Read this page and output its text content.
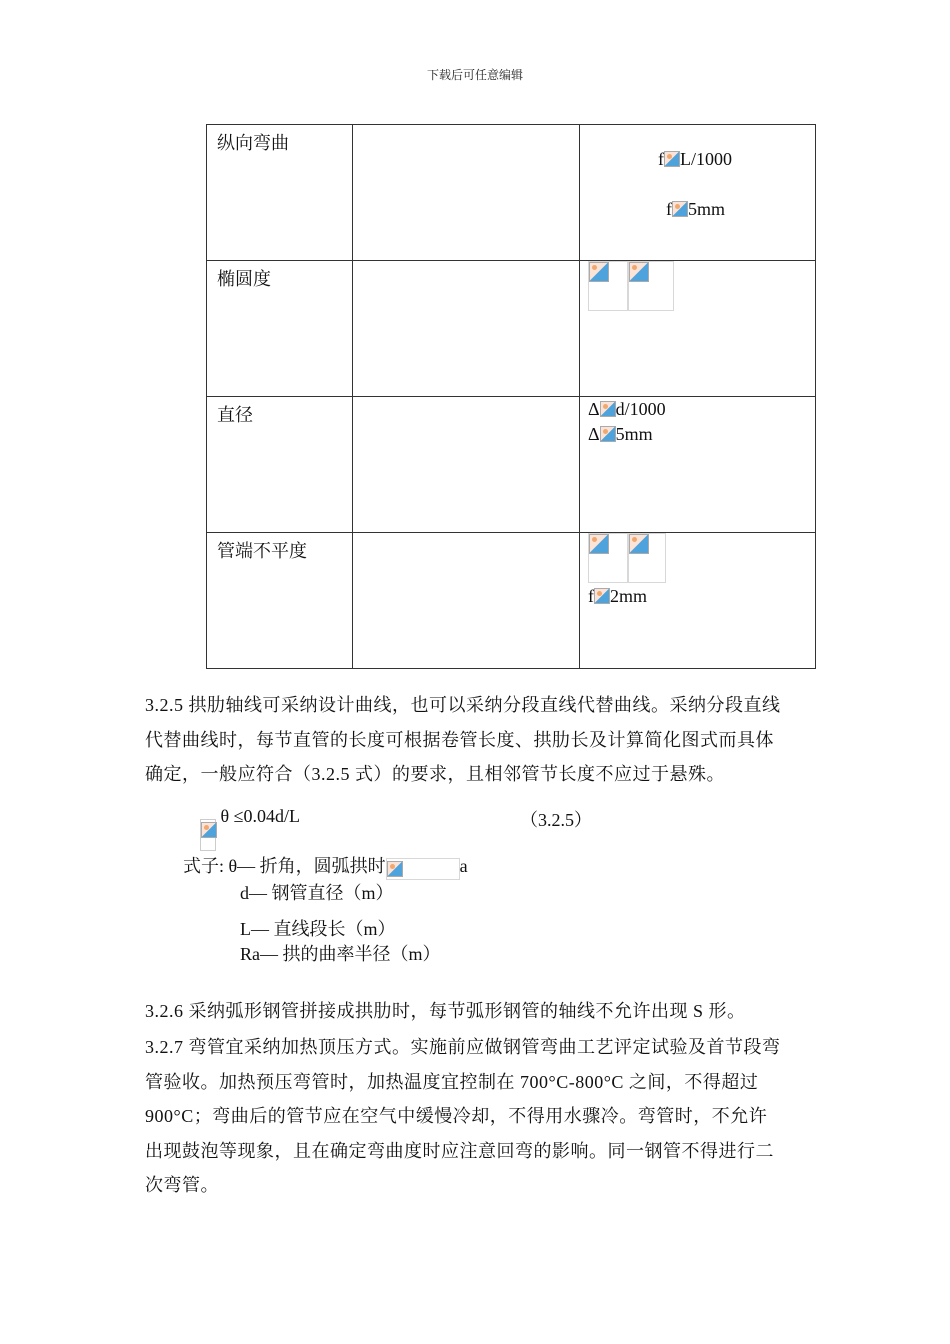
下载后可任意编辑
纵向弯曲		f L/1000
f 5mm

椭圆度		

直径		Δ d/1000
Δ 5mm

管端不平度		f 2mm
3.2.5 拱肋轴线可采纳设计曲线，也可以采纳分段直线代替曲线。采纳分段直线
代替曲线时，每节直管的长度可根据卷管长度、拱肋长及计算简化图式而具体
确定，一般应符合（3.2.5 式）的要求，且相邻管节长度不应过于悬殊。
θ ≤0.04d/L	（3.2.5）
式子: θ— 折角，圆弧拱时	a
d— 钢管直径（m）
L— 直线段长（m）
Ra— 拱的曲率半径（m）
3.2.6 采纳弧形钢管拼接成拱肋时，每节弧形钢管的轴线不允许出现 S 形。
3.2.7 弯管宜采纳加热顶压方式。实施前应做钢管弯曲工艺评定试验及首节段弯
管验收。加热预压弯管时，加热温度宜控制在 700°C-800°C 之间，不得超过
900°C；弯曲后的管节应在空气中缓慢冷却，不得用水骤冷。弯管时，不允许
出现鼓泡等现象，且在确定弯曲度时应注意回弯的影响。同一钢管不得进行二
次弯管。
